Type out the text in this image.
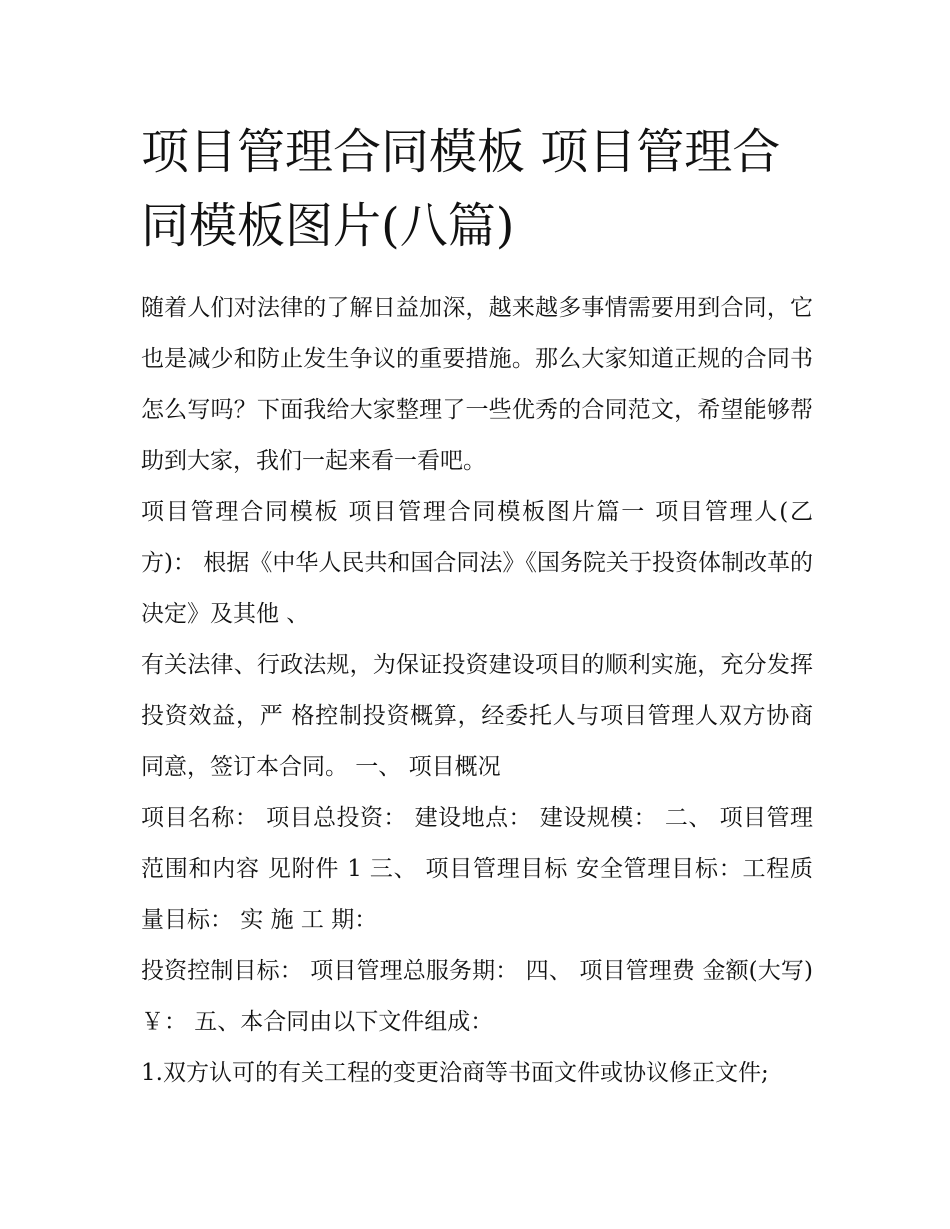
项目管理合同模板 项目管理合同模板图片(八篇)

随着人们对法律的了解日益加深，越来越多事情需要用到合同，它也是减少和防止发生争议的重要措施。那么大家知道正规的合同书怎么写吗？下面我给大家整理了一些优秀的合同范文，希望能够帮助到大家，我们一起来看一看吧。

项目管理合同模板 项目管理合同模板图片篇一 项目管理人(乙方)： 根据《中华人民共和国合同法》《国务院关于投资体制改革的决定》及其他 、

有关法律、行政法规，为保证投资建设项目的顺利实施，充分发挥投资效益，严 格控制投资概算，经委托人与项目管理人双方协商同意，签订本合同。 一、 项目概况

项目名称： 项目总投资： 建设地点： 建设规模： 二、 项目管理范围和内容 见附件 1 三、 项目管理目标 安全管理目标：工程质量目标： 实 施 工 期：

投资控制目标： 项目管理总服务期： 四、 项目管理费 金额(大写)￥： 五、本合同由以下文件组成：

1.双方认可的有关工程的变更洽商等书面文件或协议修正文件;
